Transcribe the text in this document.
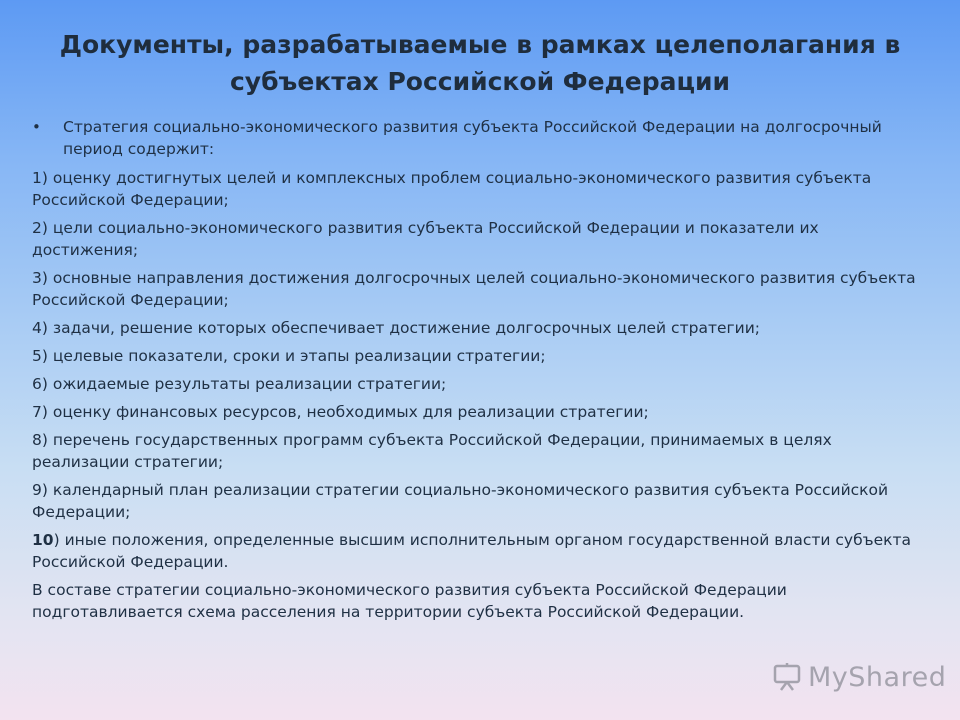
Документы, разрабатываемые в рамках целеполагания в субъектах Российской Федерации
• Стратегия социально-экономического развития субъекта Российской Федерации на долгосрочный период содержит:

1) оценку достигнутых целей и комплексных проблем социально-экономического развития субъекта Российской Федерации;

2) цели социально-экономического развития субъекта Российской Федерации и показатели их достижения;

3) основные направления достижения долгосрочных целей социально-экономического развития субъекта Российской Федерации;

4) задачи, решение которых обеспечивает достижение долгосрочных целей стратегии;

5) целевые показатели, сроки и этапы реализации стратегии;

6) ожидаемые результаты реализации стратегии;

7) оценку финансовых ресурсов, необходимых для реализации стратегии;

8) перечень государственных программ субъекта Российской Федерации, принимаемых в целях реализации стратегии;

9) календарный план реализации стратегии социально-экономического развития субъекта Российской Федерации;

10) иные положения, определенные высшим исполнительным органом государственной власти субъекта Российской Федерации.

В составе стратегии социально-экономического развития субъекта Российской Федерации подготавливается схема расселения на территории субъекта Российской Федерации.

MyShared
